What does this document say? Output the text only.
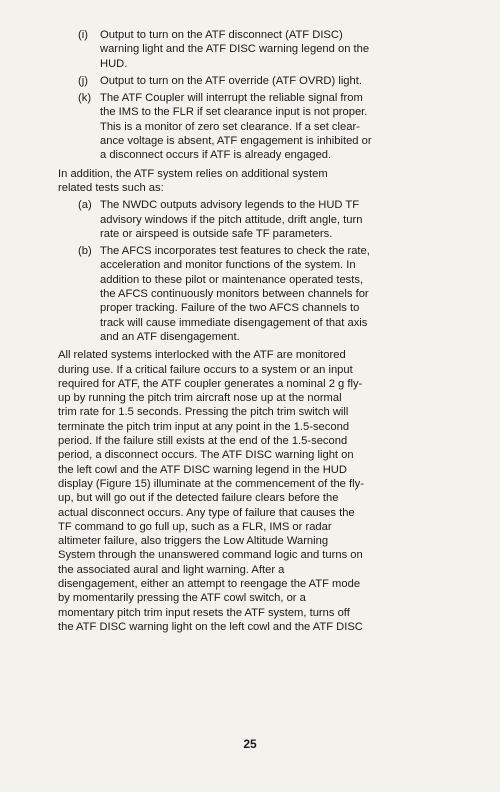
(i)	Output to turn on the ATF disconnect (ATF DISC)
warning light and the ATF DISC warning legend on the
HUD.
(j)	Output to turn on the ATF override (ATF OVRD) light.
(k) The ATF Coupler will interrupt the reliable signal from
the IMS to the FLR if set clearance input is not proper.
This is a monitor of zero set clearance. If a set clear-
ance voltage is absent, ATF engagement is inhibited or
a disconnect occurs if ATF is already engaged.
In addition, the ATF system relies on additional system
related tests such as:
(a) The NWDC outputs advisory legends to the HUD TF
advisory windows if the pitch attitude, drift angle, turn
rate or airspeed is outside safe TF parameters.
(b) The AFCS incorporates test features to check the rate,
acceleration and monitor functions of the system. In
addition to these pilot or maintenance operated tests,
the AFCS continuously monitors between channels for
proper tracking. Failure of the two AFCS channels to
track will cause immediate disengagement of that axis
and an ATF disengagement.
All related systems interlocked with the ATF are monitored
during use. If a critical failure occurs to a system or an input
required for ATF, the ATF coupler generates a nominal 2 g fly-
up by running the pitch trim aircraft nose up at the normal
trim rate for 1.5 seconds. Pressing the pitch trim switch will
terminate the pitch trim input at any point in the 1.5-second
period. If the failure still exists at the end of the 1.5-second
period, a disconnect occurs. The ATF DISC warning light on
the left cowl and the ATF DISC warning legend in the HUD
display (Figure 15) illuminate at the commencement of the fly-
up, but will go out if the detected failure clears before the
actual disconnect occurs. Any type of failure that causes the
TF command to go full up, such as a FLR, IMS or radar
altimeter failure, also triggers the Low Altitude Warning
System through the unanswered command logic and turns on
the associated aural and light warning. After a
disengagement, either an attempt to reengage the ATF mode
by momentarily pressing the ATF cowl switch, or a
momentary pitch trim input resets the ATF system, turns off
the ATF DISC warning light on the left cowl and the ATF DISC
25
